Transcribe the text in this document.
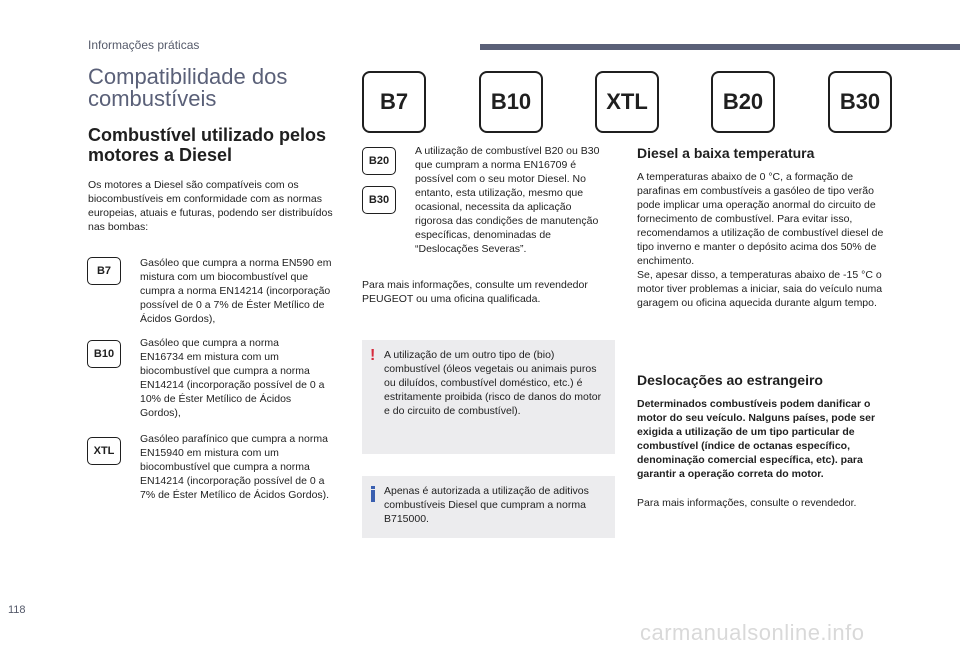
Informações práticas
Compatibilidade dos combustíveis
Combustível utilizado pelos motores a Diesel

Os motores a Diesel são compatíveis com os biocombustíveis em conformidade com as normas europeias, atuais e futuras, podendo ser distribuídos nas bombas:

B7

Gasóleo que cumpra a norma EN590 em mistura com um biocombustível que cumpra a norma EN14214 (incorporação possível de 0 a 7% de Éster Metílico de Ácidos Gordos),

B10

Gasóleo que cumpra a norma EN16734 em mistura com um biocombustível que cumpra a norma EN14214 (incorporação possível de 0 a 10% de Éster Metílico de Ácidos Gordos),

XTL

Gasóleo parafínico que cumpra a norma EN15940 em mistura com um biocombustível que cumpra a norma EN14214 (incorporação possível de 0 a 7% de Éster Metílico de Ácidos Gordos).

B7	B10	XTL	B20	B30
B20
B30

A utilização de combustível B20 ou B30 que cumpram a norma EN16709 é possível com o seu motor Diesel. No entanto, esta utilização, mesmo que ocasional, necessita da aplicação rigorosa das condições de manutenção específicas, denominadas de “Deslocações Severas”.

Para mais informações, consulte um revendedor PEUGEOT ou uma oficina qualificada.

! A utilização de um outro tipo de (bio) combustível (óleos vegetais ou animais puros ou diluídos, combustível doméstico, etc.) é estritamente proibida (risco de danos do motor e do circuito de combustível).

Apenas é autorizada a utilização de aditivos combustíveis Diesel que cumpram a norma B715000.

Diesel a baixa temperatura

A temperaturas abaixo de 0 °C, a formação de parafinas em combustíveis a gasóleo de tipo verão pode implicar uma operação anormal do circuito de fornecimento de combustível. Para evitar isso, recomendamos a utilização de combustível diesel de tipo inverno e manter o depósito acima dos 50% de enchimento.

Se, apesar disso, a temperaturas abaixo de -15 °C o motor tiver problemas a iniciar, saia do veículo numa garagem ou oficina aquecida durante algum tempo.

Deslocações ao estrangeiro

Determinados combustíveis podem danificar o motor do seu veículo. Nalguns países, pode ser exigida a utilização de um tipo particular de combustível (índice de octanas específico, denominação comercial específica, etc). para garantir a operação correta do motor.

Para mais informações, consulte o revendedor.

118
carmanualsonline.info
